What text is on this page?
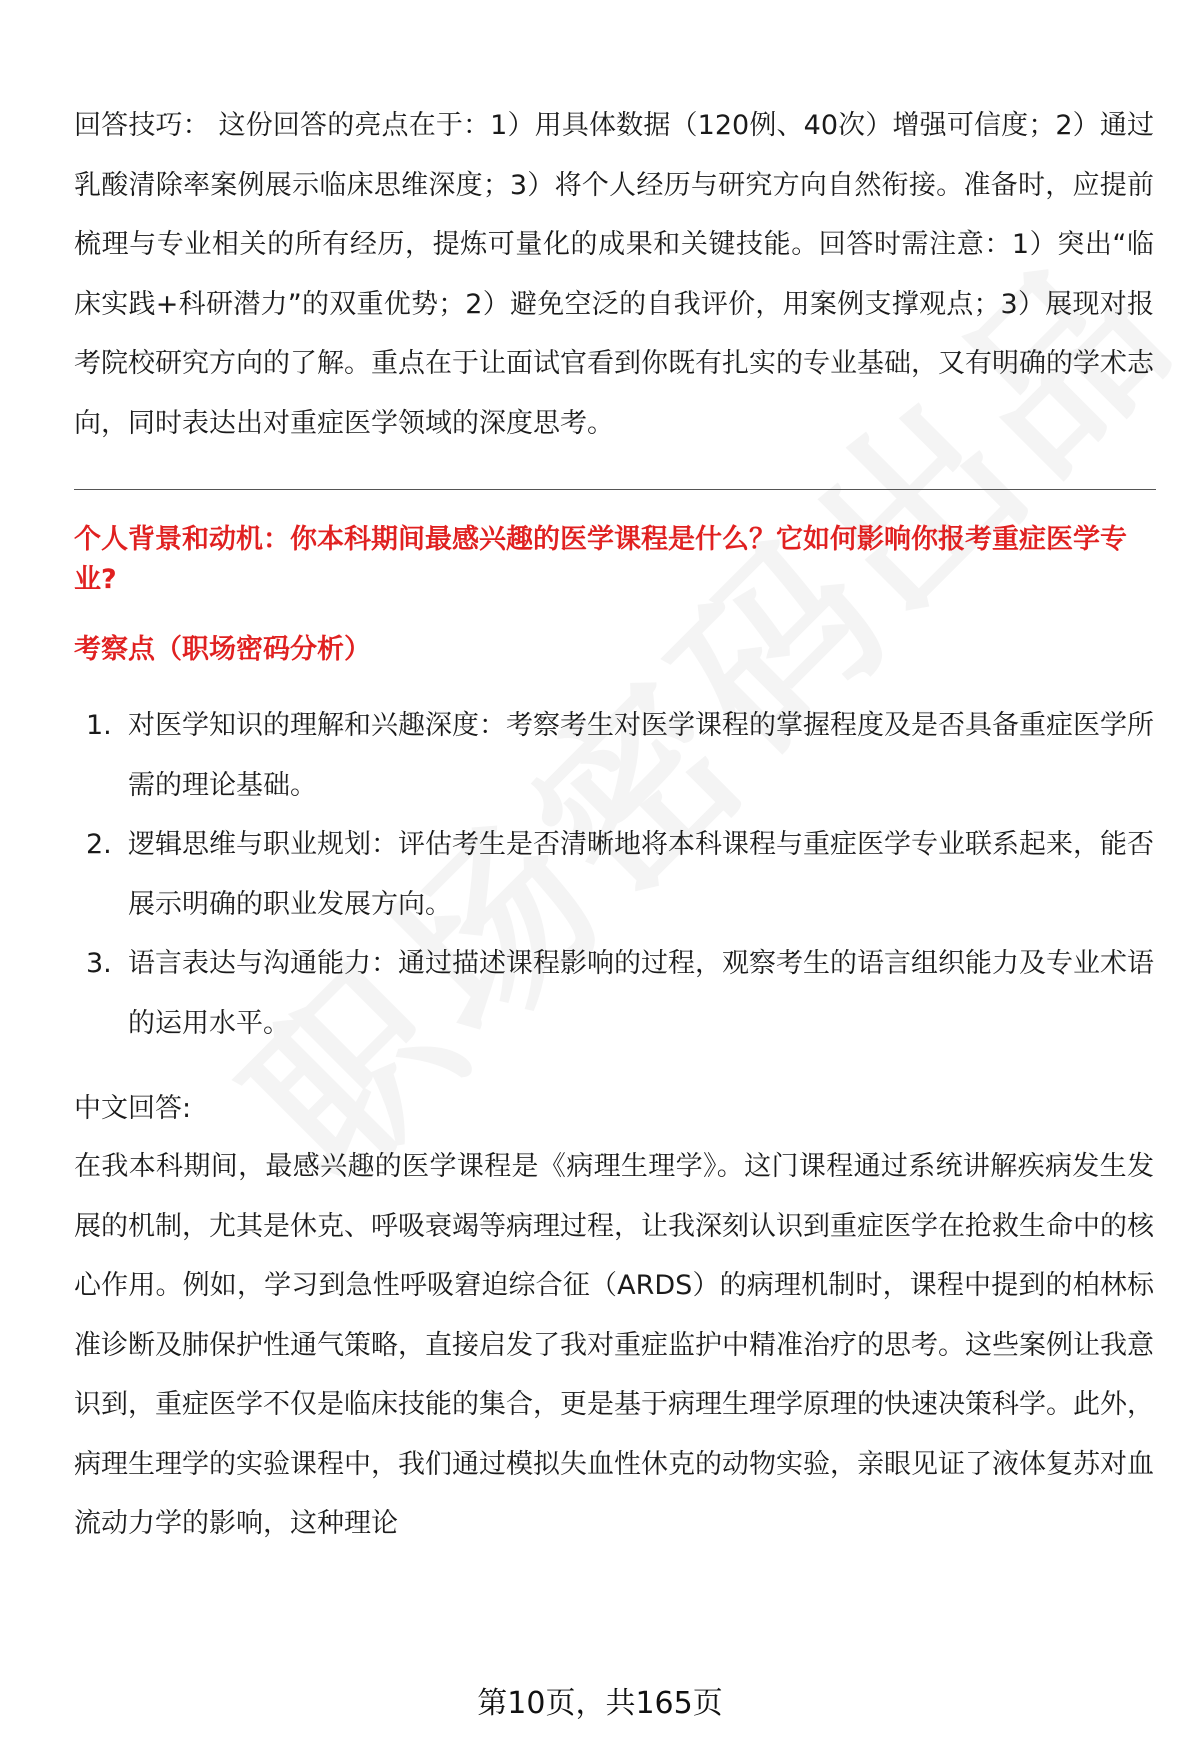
回答技巧： 这份回答的亮点在于：1）用具体数据（120例、40次）增强可信度；2）通过乳酸清除率案例展示临床思维深度；3）将个人经历与研究方向自然衔接。准备时，应提前梳理与专业相关的所有经历，提炼可量化的成果和关键技能。回答时需注意：1）突出“临床实践+科研潜力”的双重优势；2）避免空泛的自我评价，用案例支撑观点；3）展现对报考院校研究方向的了解。重点在于让面试官看到你既有扎实的专业基础，又有明确的学术志向，同时表达出对重症医学领域的深度思考。

个人背景和动机：你本科期间最感兴趣的医学课程是什么？它如何影响你报考重症医学专业?
考察点（职场密码分析）
1. 对医学知识的理解和兴趣深度：考察考生对医学课程的掌握程度及是否具备重症医学所需的理论基础。
2. 逻辑思维与职业规划：评估考生是否清晰地将本科课程与重症医学专业联系起来，能否展示明确的职业发展方向。
3. 语言表达与沟通能力：通过描述课程影响的过程，观察考生的语言组织能力及专业术语的运用水平。
中文回答:

在我本科期间，最感兴趣的医学课程是《病理生理学》。这门课程通过系统讲解疾病发生发展的机制，尤其是休克、呼吸衰竭等病理过程，让我深刻认识到重症医学在抢救生命中的核心作用。例如，学习到急性呼吸窘迫综合征（ARDS）的病理机制时，课程中提到的柏林标准诊断及肺保护性通气策略，直接启发了我对重症监护中精准治疗的思考。这些案例让我意识到，重症医学不仅是临床技能的集合，更是基于病理生理学原理的快速决策科学。此外，病理生理学的实验课程中，我们通过模拟失血性休克的动物实验，亲眼见证了液体复苏对血流动力学的影响，这种理论

第10页，共165页
